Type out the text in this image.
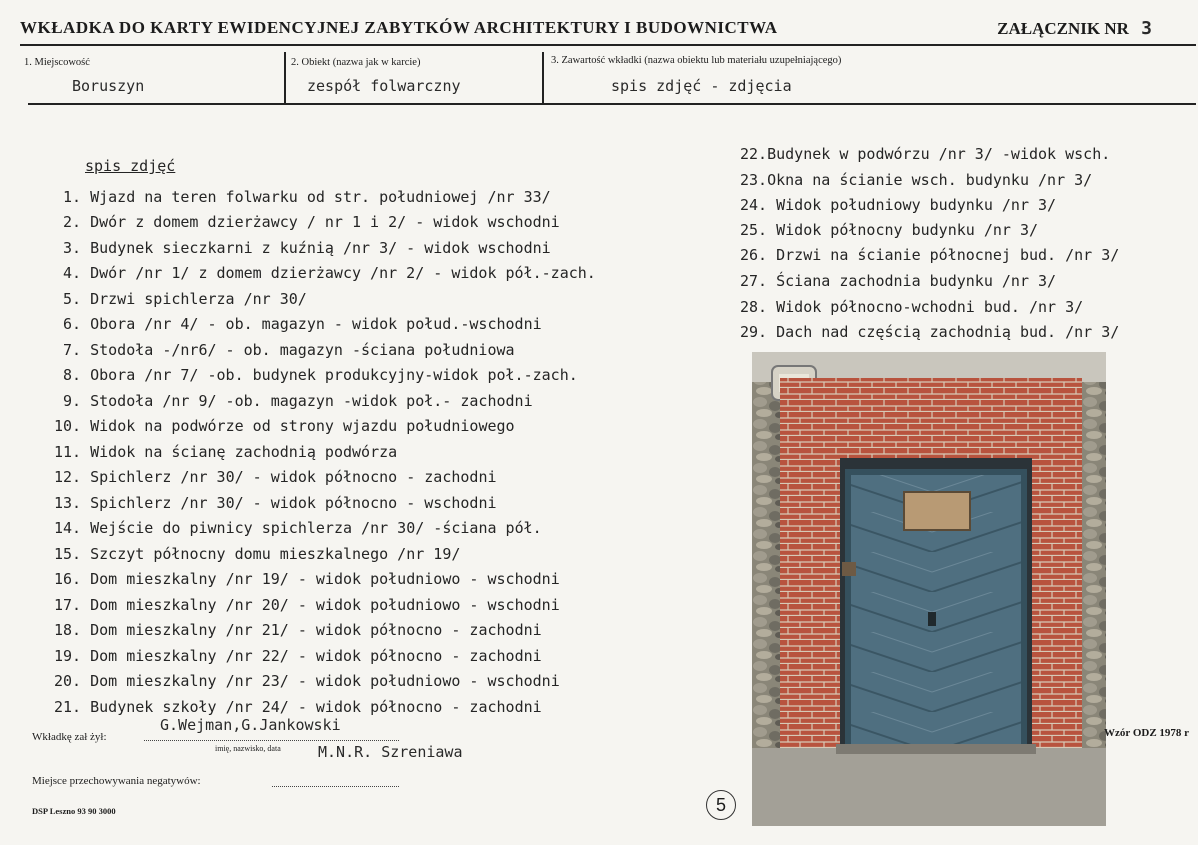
WKŁADKA DO KARTY EWIDENCYJNEJ ZABYTKÓW ARCHITEKTURY I BUDOWNICTWA	ZAŁĄCZNIK NR 3
1. Miejscowość
Boruszyn
2. Obiekt (nazwa jak w karcie)
zespół folwarczny
3. Zawartość wkładki (nazwa obiektu lub materiału uzupełniającego)
spis zdjęć - zdjęcia
spis zdjęć
1. Wjazd na teren folwarku od str. południowej /nr 33/
2. Dwór z domem dzierżawcy / nr 1 i 2/ - widok wschodni
3. Budynek sieczkarni z kuźnią /nr 3/ - widok wschodni
4. Dwór /nr 1/ z domem dzierżawcy /nr 2/ - widok pół.-zach.
5. Drzwi spichlerza /nr 30/
6. Obora /nr 4/ - ob. magazyn - widok połud.-wschodni
7. Stodoła -/nr6/ - ob. magazyn -ściana południowa
8. Obora /nr 7/ -ob. budynek produkcyjny-widok poł.-zach.
9. Stodoła /nr 9/ -ob. magazyn -widok poł.- zachodni
10. Widok na podwórze od strony wjazdu południowego
11. Widok na ścianę zachodnią podwórza
12. Spichlerz /nr 30/ - widok północno - zachodni
13. Spichlerz /nr 30/ - widok północno - wschodni
14. Wejście do piwnicy spichlerza /nr 30/ -ściana pół.
15. Szczyt północny domu mieszkalnego /nr 19/
16. Dom mieszkalny /nr 19/ - widok południowo - wschodni
17. Dom mieszkalny /nr 20/ - widok południowo - wschodni
18. Dom mieszkalny /nr 21/ - widok północno - zachodni
19. Dom mieszkalny /nr 22/ - widok północno - zachodni
20. Dom mieszkalny /nr 23/ - widok południowo - wschodni
21. Budynek szkoły /nr 24/ - widok północno - zachodni
22.Budynek w podwórzu /nr 3/ -widok wsch.
23.Okna na ścianie wsch. budynku /nr 3/
24. Widok południowy budynku /nr 3/
25. Widok północny budynku /nr 3/
26. Drzwi na ścianie północnej bud. /nr 3/
27. Ściana zachodnia budynku /nr 3/
28. Widok północno-wchodni bud. /nr 3/
29. Dach nad częścią zachodnią bud. /nr 3/
Wkładkę zał żył:
G.Wejman,G.Jankowski
imię, nazwisko, data M.N.R. Szreniawa
Miejsce przechowywania negatywów:
DSP Leszno 93 90 3000
Wzór ODZ 1978 r
5
